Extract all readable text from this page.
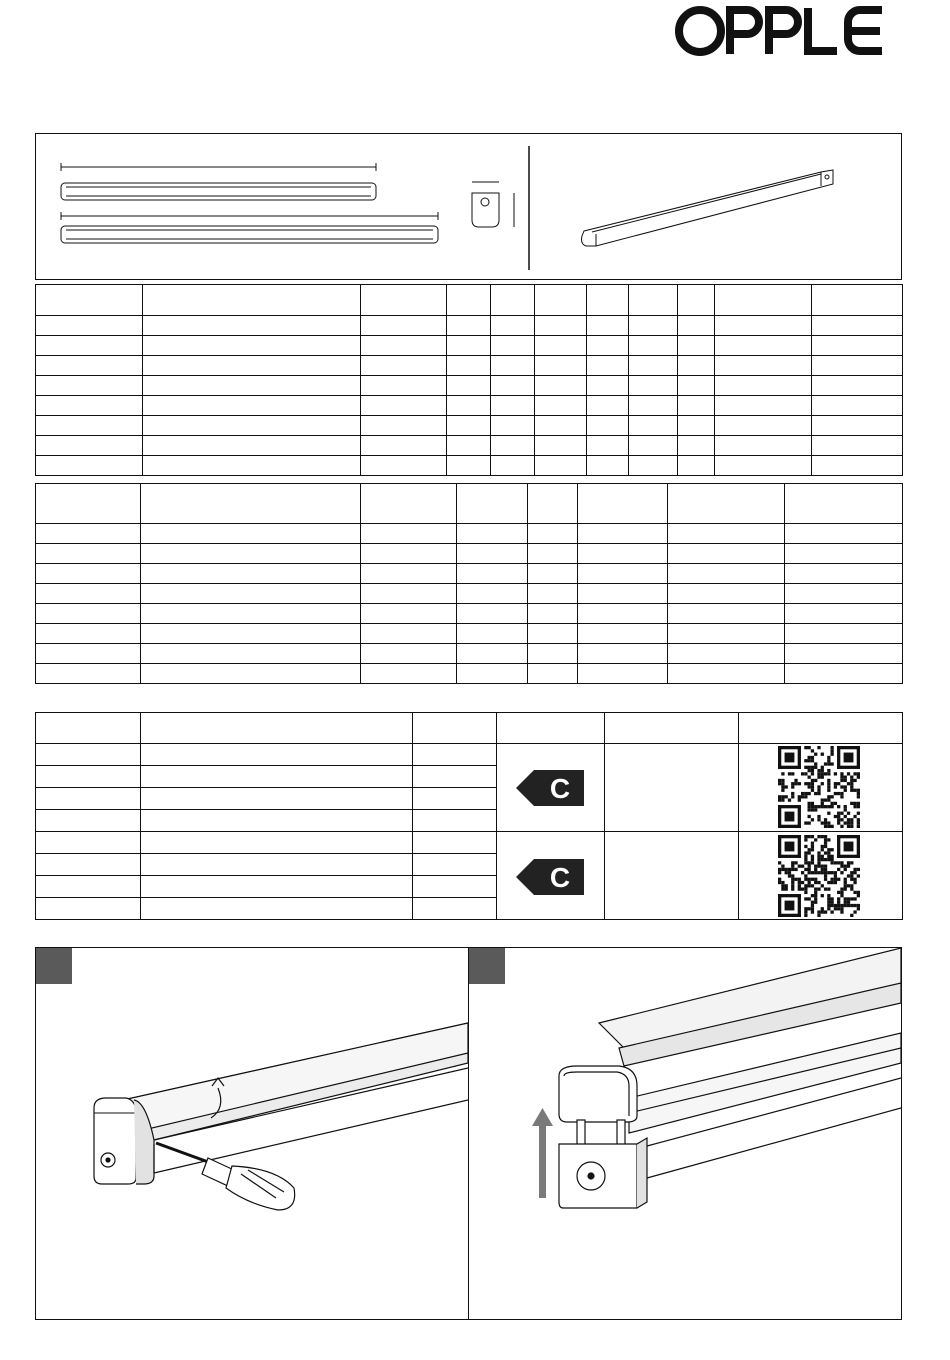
C
C
